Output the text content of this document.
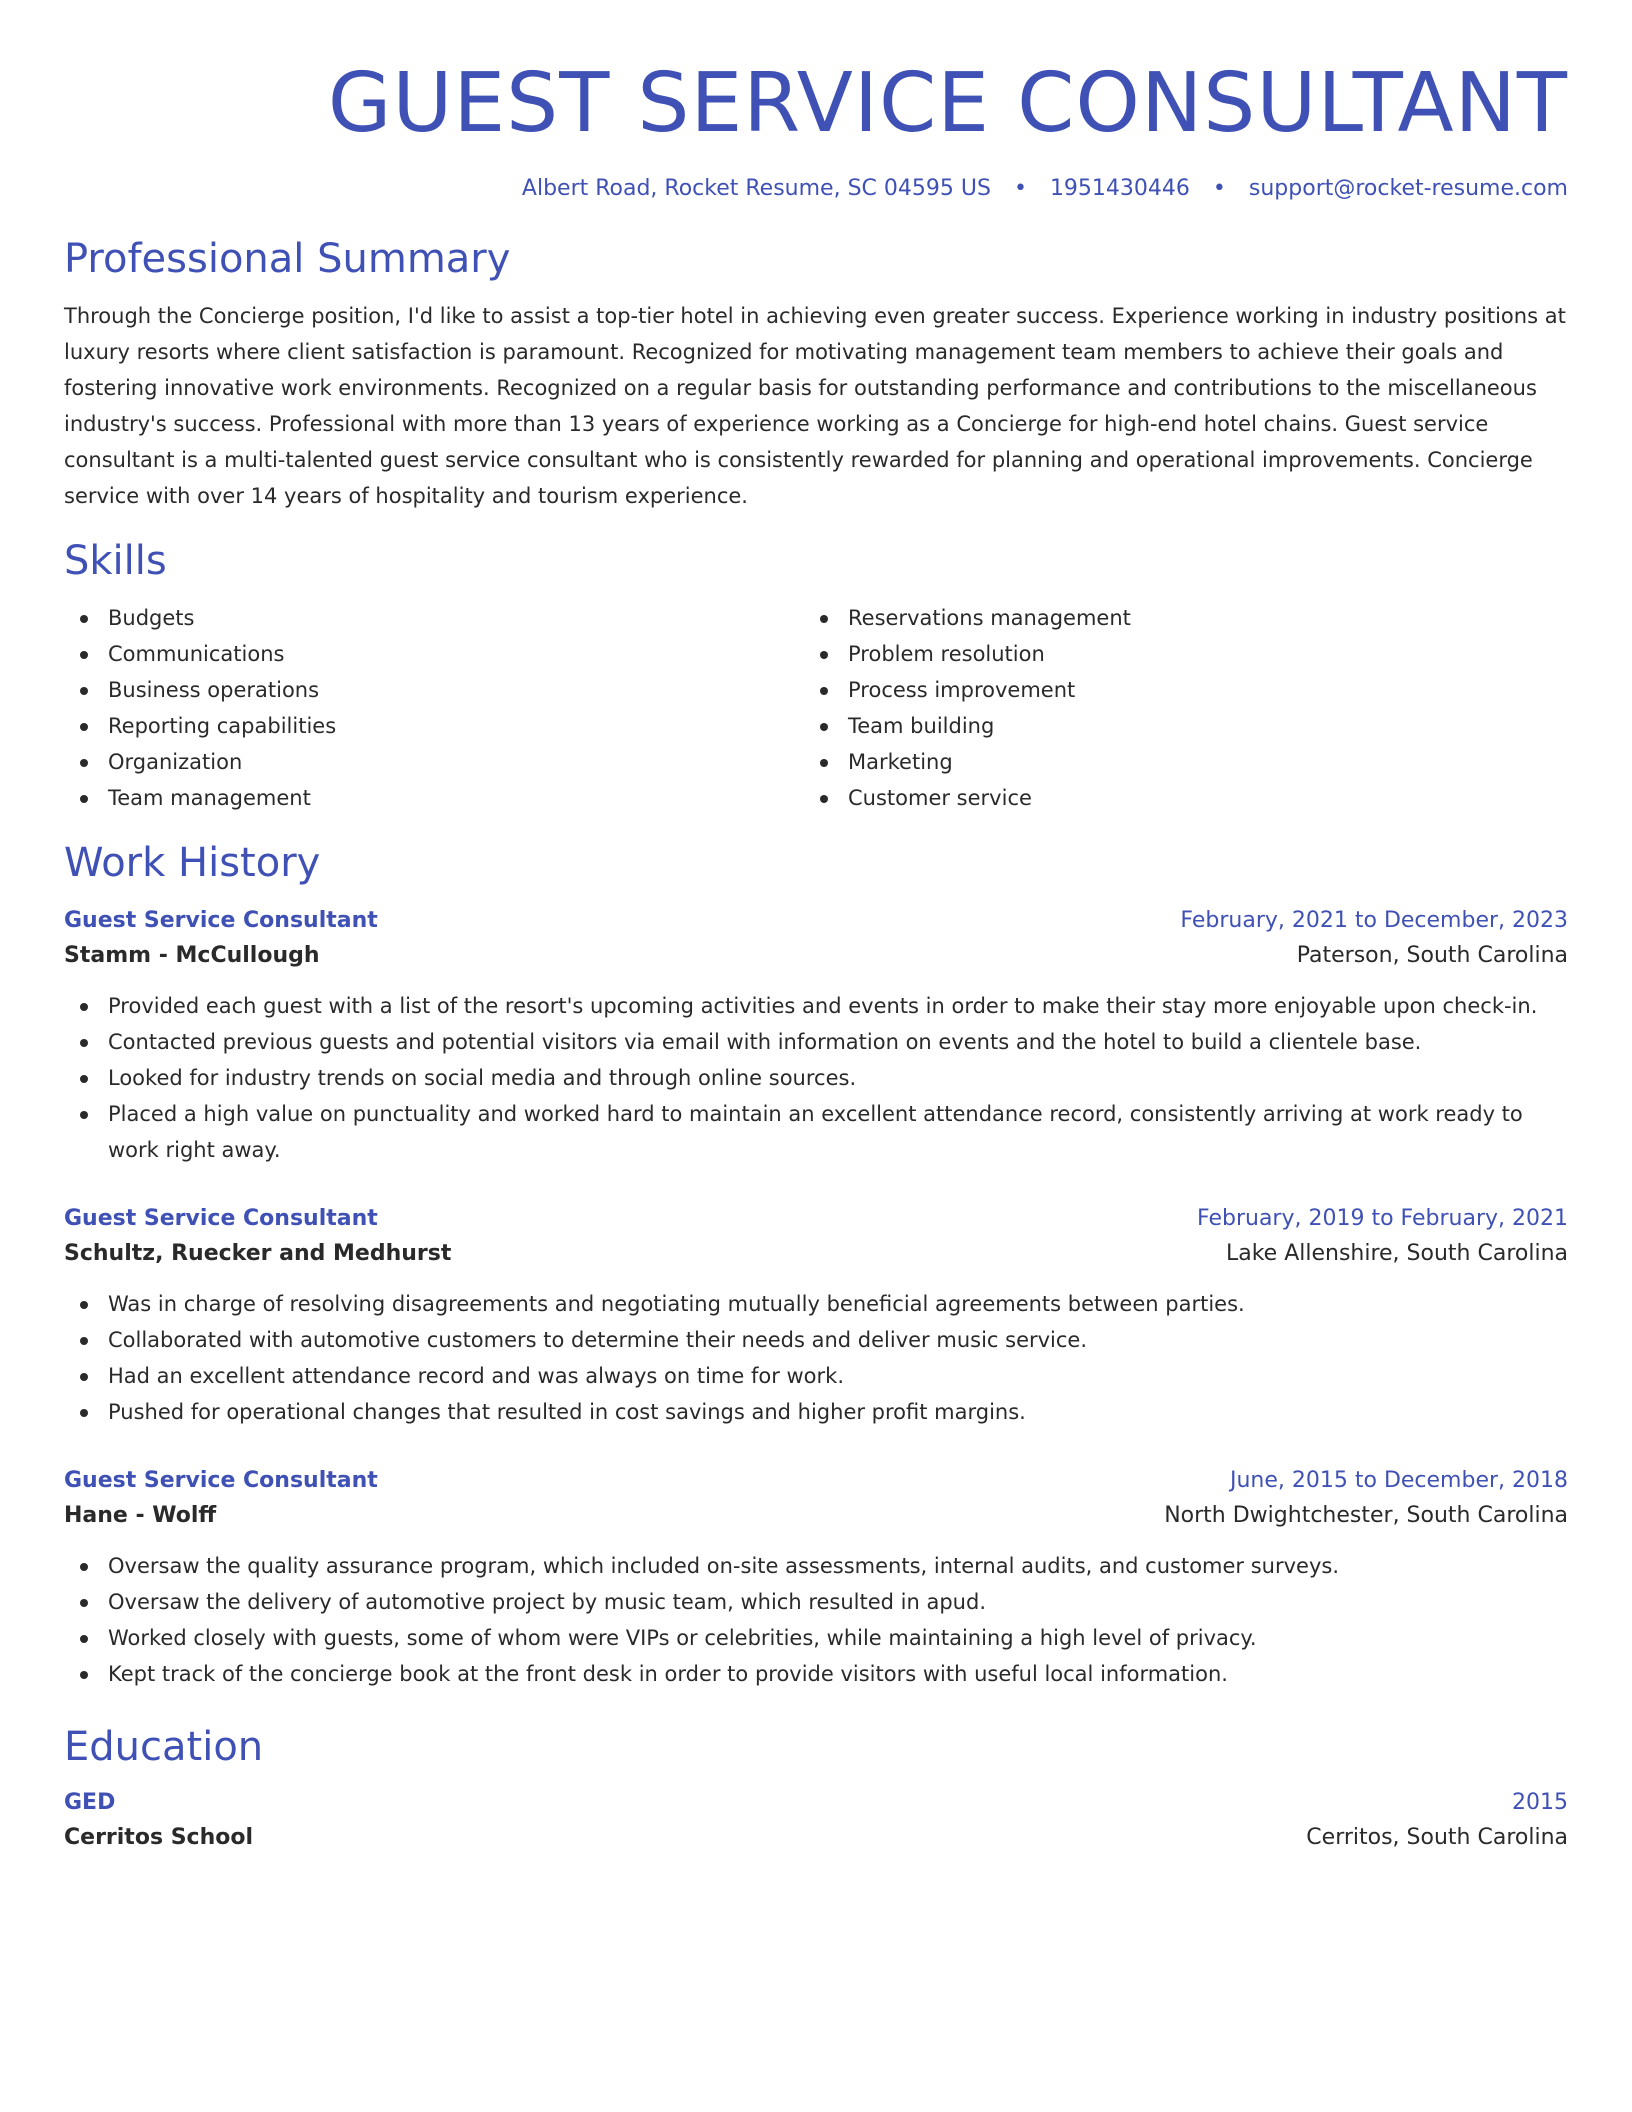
GUEST SERVICE CONSULTANT
Albert Road, Rocket Resume, SC 04595 US • 1951430446 • support@rocket-resume.com
Professional Summary

Through the Concierge position, I'd like to assist a top-tier hotel in achieving even greater success. Experience working in industry positions at luxury resorts where client satisfaction is paramount. Recognized for motivating management team members to achieve their goals and fostering innovative work environments. Recognized on a regular basis for outstanding performance and contributions to the miscellaneous industry's success. Professional with more than 13 years of experience working as a Concierge for high-end hotel chains. Guest service consultant is a multi-talented guest service consultant who is consistently rewarded for planning and operational improvements. Concierge service with over 14 years of hospitality and tourism experience.

Skills
Budgets
Communications
Business operations
Reporting capabilities
Organization
Team management
Reservations management
Problem resolution
Process improvement
Team building
Marketing
Customer service
Work History
Guest Service Consultant	February, 2021 to December, 2023
Stamm - McCullough	Paterson, South Carolina
Provided each guest with a list of the resort's upcoming activities and events in order to make their stay more enjoyable upon check-in.
Contacted previous guests and potential visitors via email with information on events and the hotel to build a clientele base.
Looked for industry trends on social media and through online sources.
Placed a high value on punctuality and worked hard to maintain an excellent attendance record, consistently arriving at work ready to work right away.
Guest Service Consultant	February, 2019 to February, 2021
Schultz, Ruecker and Medhurst	Lake Allenshire, South Carolina
Was in charge of resolving disagreements and negotiating mutually beneficial agreements between parties.
Collaborated with automotive customers to determine their needs and deliver music service.
Had an excellent attendance record and was always on time for work.
Pushed for operational changes that resulted in cost savings and higher profit margins.
Guest Service Consultant	June, 2015 to December, 2018
Hane - Wolff	North Dwightchester, South Carolina
Oversaw the quality assurance program, which included on-site assessments, internal audits, and customer surveys.
Oversaw the delivery of automotive project by music team, which resulted in apud.
Worked closely with guests, some of whom were VIPs or celebrities, while maintaining a high level of privacy.
Kept track of the concierge book at the front desk in order to provide visitors with useful local information.
Education
GED	2015
Cerritos School	Cerritos, South Carolina
